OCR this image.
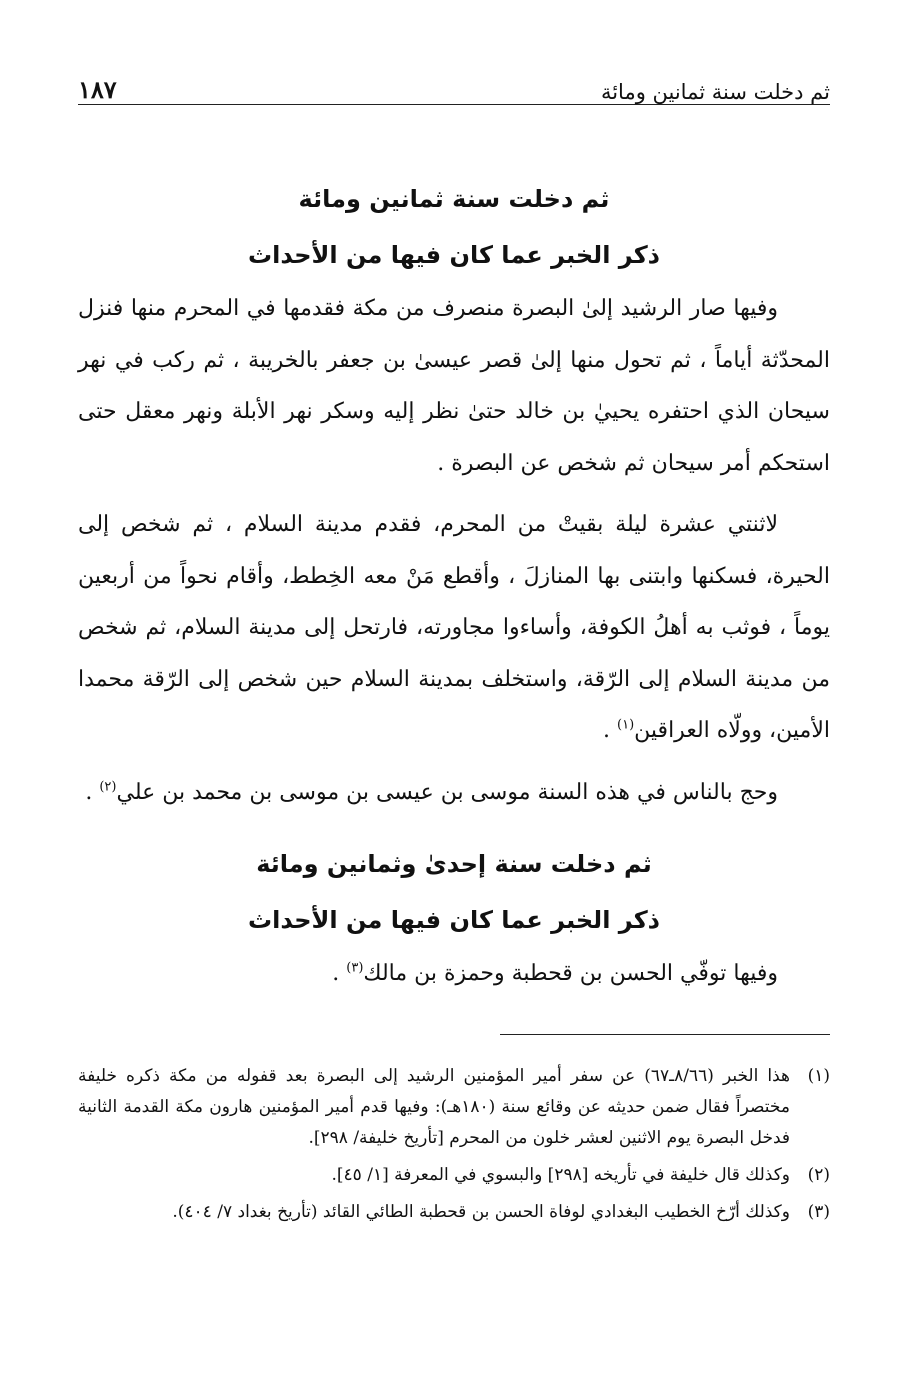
ثم دخلت سنة ثمانين ومائة
١٨٧
ثم دخلت سنة ثمانين ومائة
ذكر الخبر عما كان فيها من الأحداث

وفيها صار الرشيد إلىٰ البصرة منصرف من مكة فقدمها في المحرم منها فنزل المحدّثة أياماً ، ثم تحول منها إلىٰ قصر عيسىٰ بن جعفر بالخريبة ، ثم ركب في نهر سيحان الذي احتفره يحييٰ بن خالد حتىٰ نظر إليه وسكر نهر الأبلة ونهر معقل حتى استحكم أمر سيحان ثم شخص عن البصرة .

لاثنتي عشرة ليلة بقيتْ من المحرم، فقدم مدينة السلام ، ثم شخص إلى الحيرة، فسكنها وابتنى بها المنازلَ ، وأقطع مَنْ معه الخِطط، وأقام نحواً من أربعين يوماً ، فوثب به أهلُ الكوفة، وأساءوا مجاورته، فارتحل إلى مدينة السلام، ثم شخص من مدينة السلام إلى الرّقة، واستخلف بمدينة السلام حين شخص إلى الرّقة محمدا الأمين، وولّاه العراقين$^{(١)}$ .

وحج بالناس في هذه السنة موسى بن عيسى بن موسى بن محمد بن علي$^{(٢)}$ .

ثم دخلت سنة إحدىٰ وثمانين ومائة
ذكر الخبر عما كان فيها من الأحداث

وفيها توفّي الحسن بن قحطبة وحمزة بن مالك$^{(٣)}$ .

(١)
هذا الخبر (٨/٦٦ـ٦٧) عن سفر أمير المؤمنين الرشيد إلى البصرة بعد قفوله من مكة ذكره خليفة مختصراً فقال ضمن حديثه عن وقائع سنة (١٨٠هـ): وفيها قدم أمير المؤمنين هارون مكة القدمة الثانية فدخل البصرة يوم الاثنين لعشر خلون من المحرم [تأريخ خليفة/ ٢٩٨].
(٢)
وكذلك قال خليفة في تأريخه [٢٩٨] والبسوي في المعرفة [١/ ٤٥].
(٣)
وكذلك أرّخ الخطيب البغدادي لوفاة الحسن بن قحطبة الطائي القائد (تأريخ بغداد ٧/ ٤٠٤).
